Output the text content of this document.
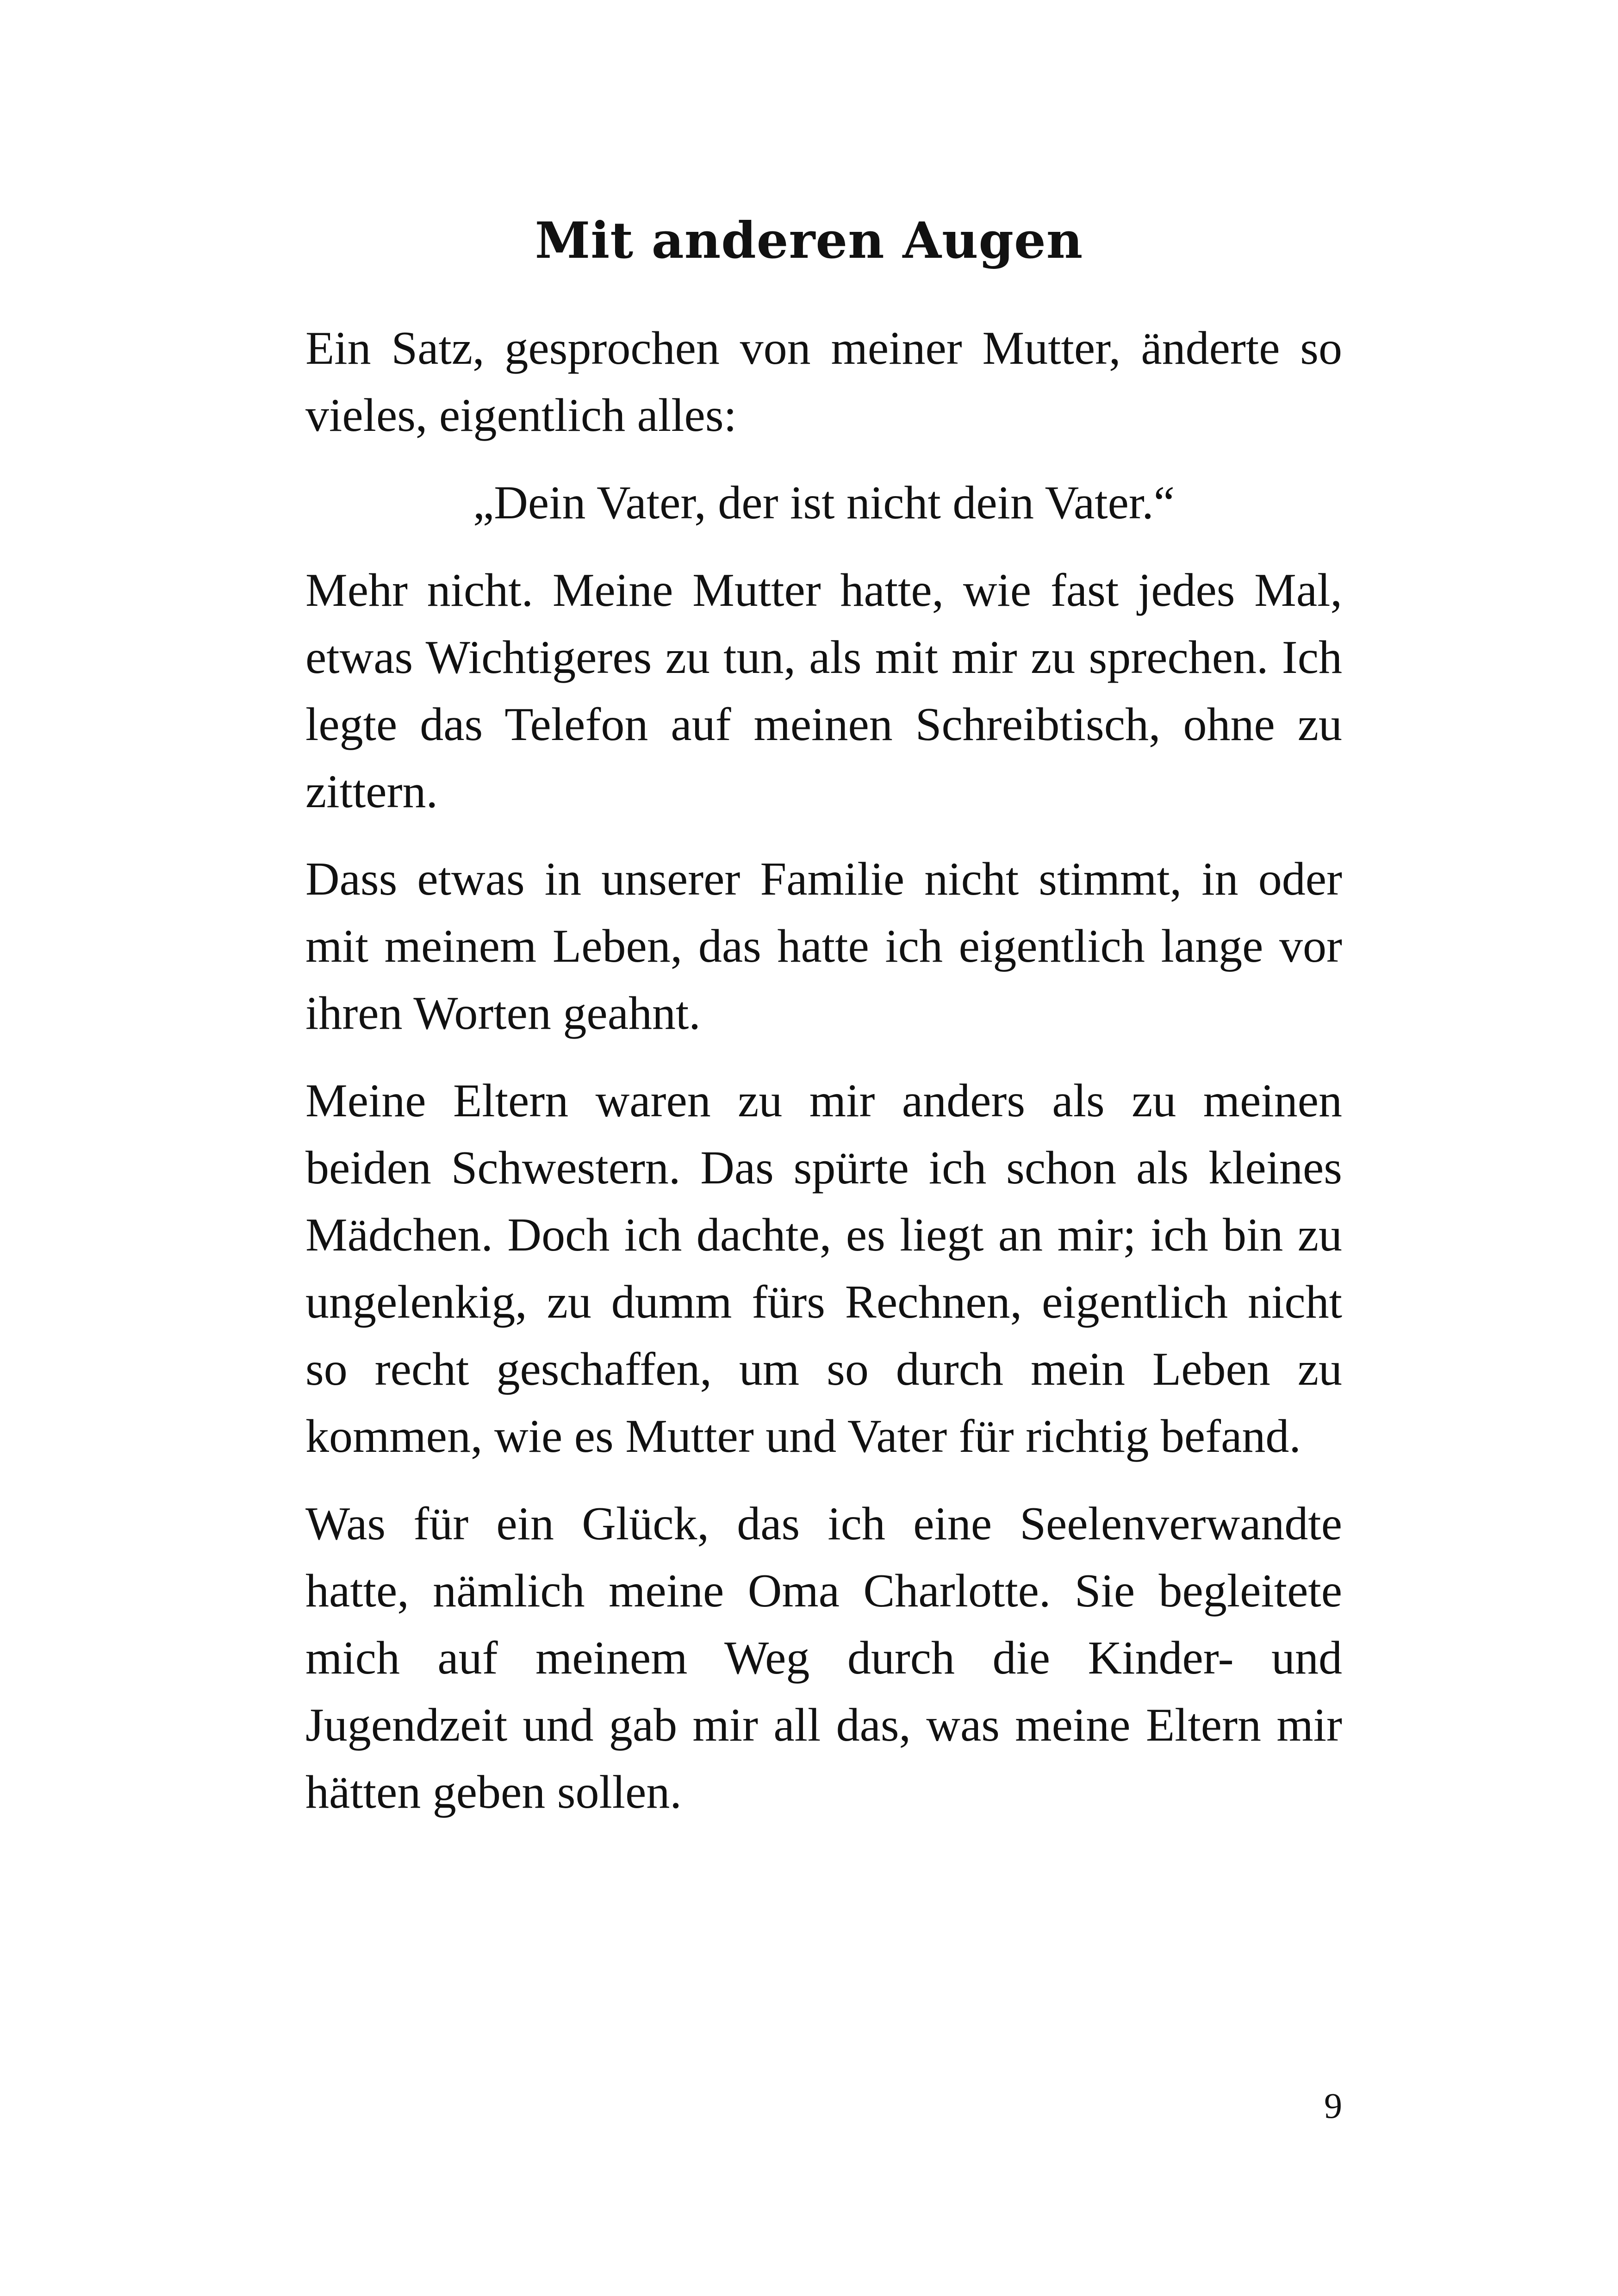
Mit anderen Augen

Ein Satz, gesprochen von meiner Mutter, änderte so vieles, eigentlich alles:

„Dein Vater, der ist nicht dein Vater.“

Mehr nicht. Meine Mutter hatte, wie fast jedes Mal, etwas Wichtigeres zu tun, als mit mir zu sprechen. Ich legte das Telefon auf meinen Schreibtisch, ohne zu zittern.

Dass etwas in unserer Familie nicht stimmt, in oder mit meinem Leben, das hatte ich eigentlich lange vor ihren Worten geahnt.

Meine Eltern waren zu mir anders als zu meinen beiden Schwestern. Das spürte ich schon als kleines Mädchen. Doch ich dachte, es liegt an mir; ich bin zu ungelenkig, zu dumm fürs Rechnen, eigentlich nicht so recht geschaffen, um so durch mein Leben zu kommen, wie es Mutter und Vater für richtig befand.

Was für ein Glück, das ich eine Seelenverwandte hatte, nämlich meine Oma Charlotte. Sie begleitete mich auf meinem Weg durch die Kinder- und Jugendzeit und gab mir all das, was meine Eltern mir hätten geben sollen.

9
